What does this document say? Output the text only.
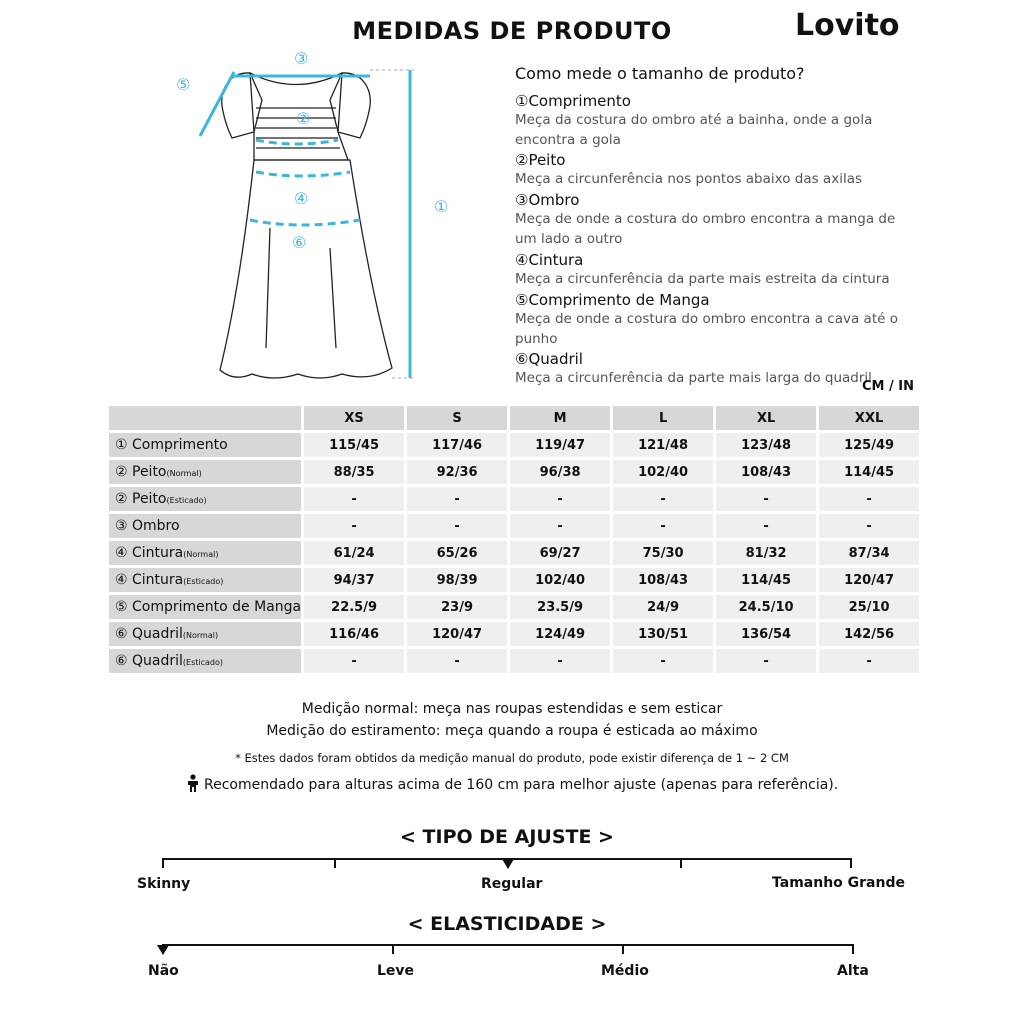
MEDIDAS DE PRODUTO	Lovito
③
⑤
②
④
⑥
①
Como mede o tamanho de produto?
①Comprimento
Meça da costura do ombro até a bainha, onde a gola encontra a gola
②Peito
Meça a circunferência nos pontos abaixo das axilas
③Ombro
Meça de onde a costura do ombro encontra a manga de um lado a outro
④Cintura
Meça a circunferência da parte mais estreita da cintura
⑤Comprimento de Manga
Meça de onde a costura do ombro encontra a cava até o punho
⑥Quadril
Meça a circunferência da parte mais larga do quadril
CM / IN
	XS	S	M	L	XL	XXL
① Comprimento	115/45	117/46	119/47	121/48	123/48	125/49
② Peito(Normal)	88/35	92/36	96/38	102/40	108/43	114/45
② Peito(Esticado)	-	-	-	-	-	-
③ Ombro	-	-	-	-	-	-
④ Cintura(Normal)	61/24	65/26	69/27	75/30	81/32	87/34
④ Cintura(Esticado)	94/37	98/39	102/40	108/43	114/45	120/47
⑤ Comprimento de Manga	22.5/9	23/9	23.5/9	24/9	24.5/10	25/10
⑥ Quadril(Normal)	116/46	120/47	124/49	130/51	136/54	142/56
⑥ Quadril(Esticado)	-	-	-	-	-	-
Medição normal: meça nas roupas estendidas e sem esticar
Medição do estiramento: meça quando a roupa é esticada ao máximo
* Estes dados foram obtidos da medição manual do produto, pode existir diferença de 1 ~ 2 CM
Recomendado para alturas acima de 160 cm para melhor ajuste (apenas para referência).
< TIPO DE AJUSTE >
Skinny	Regular	Tamanho Grande
< ELASTICIDADE >
Não	Leve	Médio	Alta
